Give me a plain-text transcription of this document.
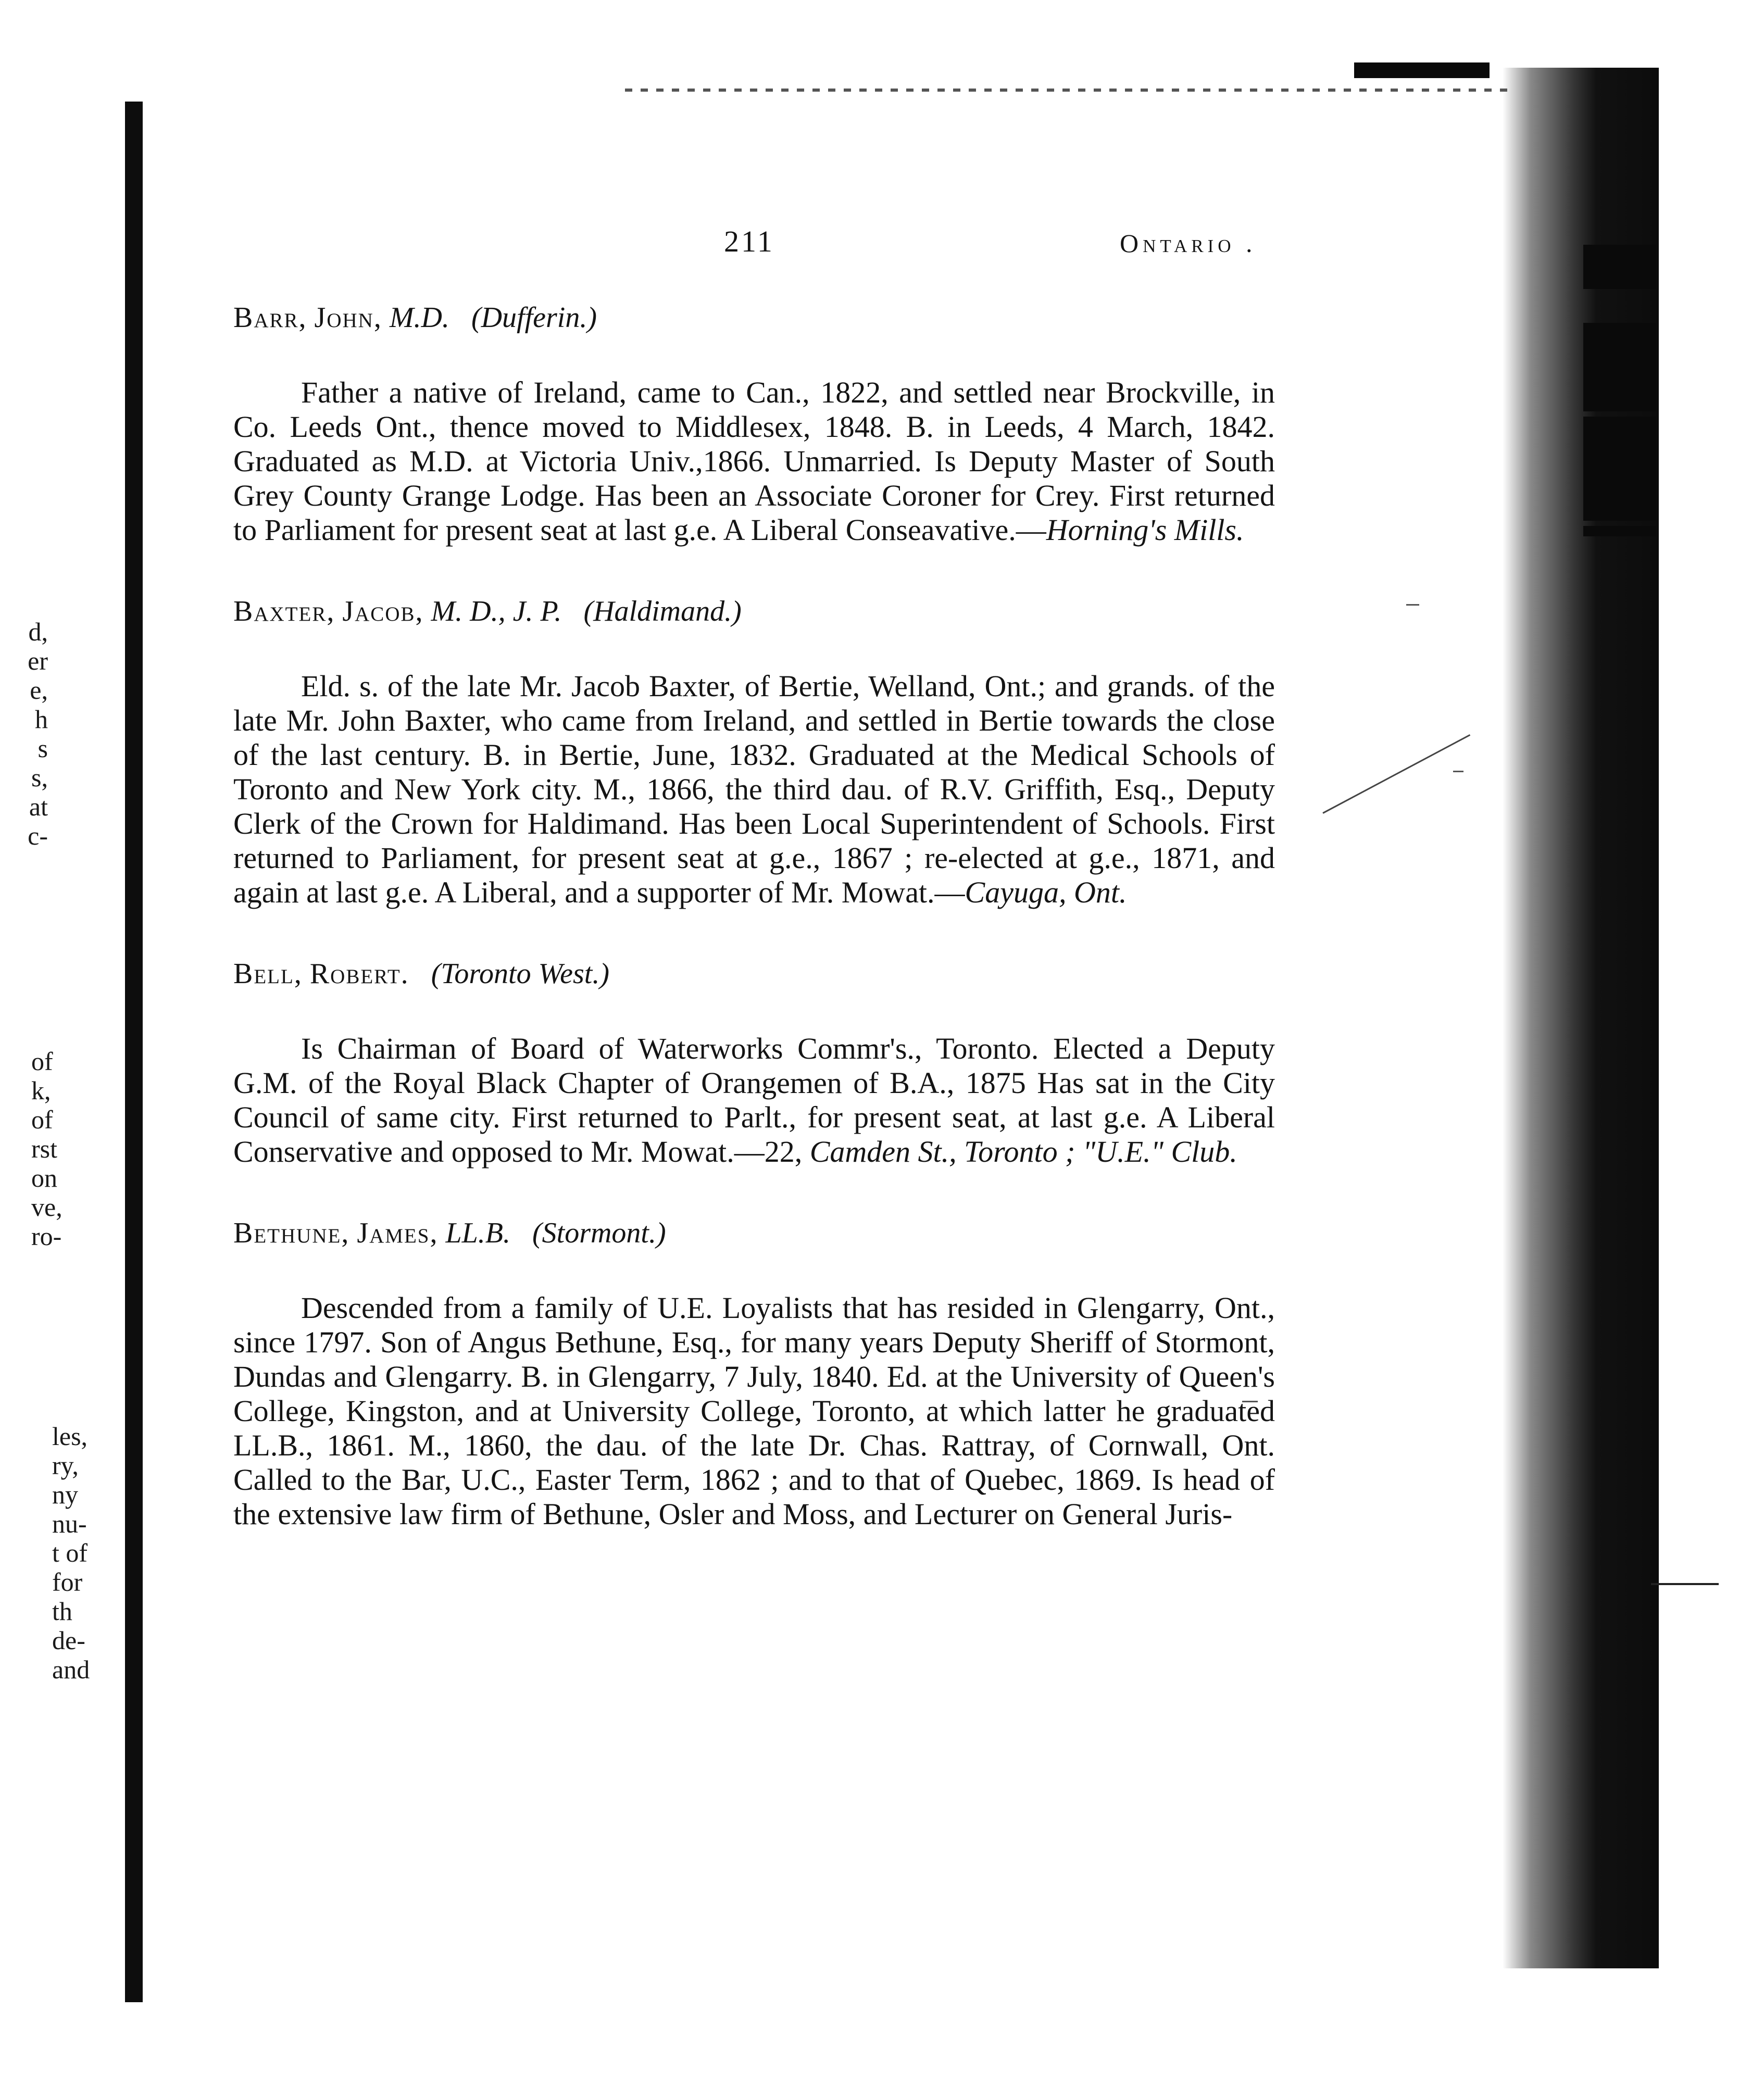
211	Ontario .

Barr, John, M.D. (Dufferin.)

Father a native of Ireland, came to Can., 1822, and settled near Brockville, in Co. Leeds Ont., thence moved to Middlesex, 1848. B. in Leeds, 4 March, 1842. Graduated as M.D. at Victoria Univ.,1866. Unmarried. Is Deputy Master of South Grey County Grange Lodge. Has been an Associate Coroner for Crey. First returned to Parliament for present seat at last g.e. A Liberal Conseavative.—Horning's Mills.

Baxter, Jacob, M. D., J. P. (Haldimand.)

Eld. s. of the late Mr. Jacob Baxter, of Bertie, Welland, Ont.; and grands. of the late Mr. John Baxter, who came from Ireland, and settled in Bertie towards the close of the last century. B. in Bertie, June, 1832. Graduated at the Medical Schools of Toronto and New York city. M., 1866, the third dau. of R.V. Griffith, Esq., Deputy Clerk of the Crown for Haldimand. Has been Local Superintendent of Schools. First returned to Parliament, for present seat at g.e., 1867 ; re-elected at g.e., 1871, and again at last g.e. A Liberal, and a supporter of Mr. Mowat.—Cayuga, Ont.

Bell, Robert. (Toronto West.)

Is Chairman of Board of Waterworks Commr's., Toronto. Elected a Deputy G.M. of the Royal Black Chapter of Orangemen of B.A., 1875 Has sat in the City Council of same city. First returned to Parlt., for present seat, at last g.e. A Liberal Conservative and opposed to Mr. Mowat.—22, Camden St., Toronto ; "U.E." Club.

Bethune, James, LL.B. (Stormont.)

Descended from a family of U.E. Loyalists that has resided in Glengarry, Ont., since 1797. Son of Angus Bethune, Esq., for many years Deputy Sheriff of Stormont, Dundas and Glengarry. B. in Glengarry, 7 July, 1840. Ed. at the University of Queen's College, Kingston, and at University College, Toronto, at which latter he graduated LL.B., 1861. M., 1860, the dau. of the late Dr. Chas. Rattray, of Cornwall, Ont. Called to the Bar, U.C., Easter Term, 1862 ; and to that of Quebec, 1869. Is head of the extensive law firm of Bethune, Osler and Moss, and Lecturer on General Juris-

d,
er
e,
h
s
s,
at
c-
of
k,
of
rst
on
ve,
ro-
les,
ry,
ny
nu-
t of
for
th
de-
and
